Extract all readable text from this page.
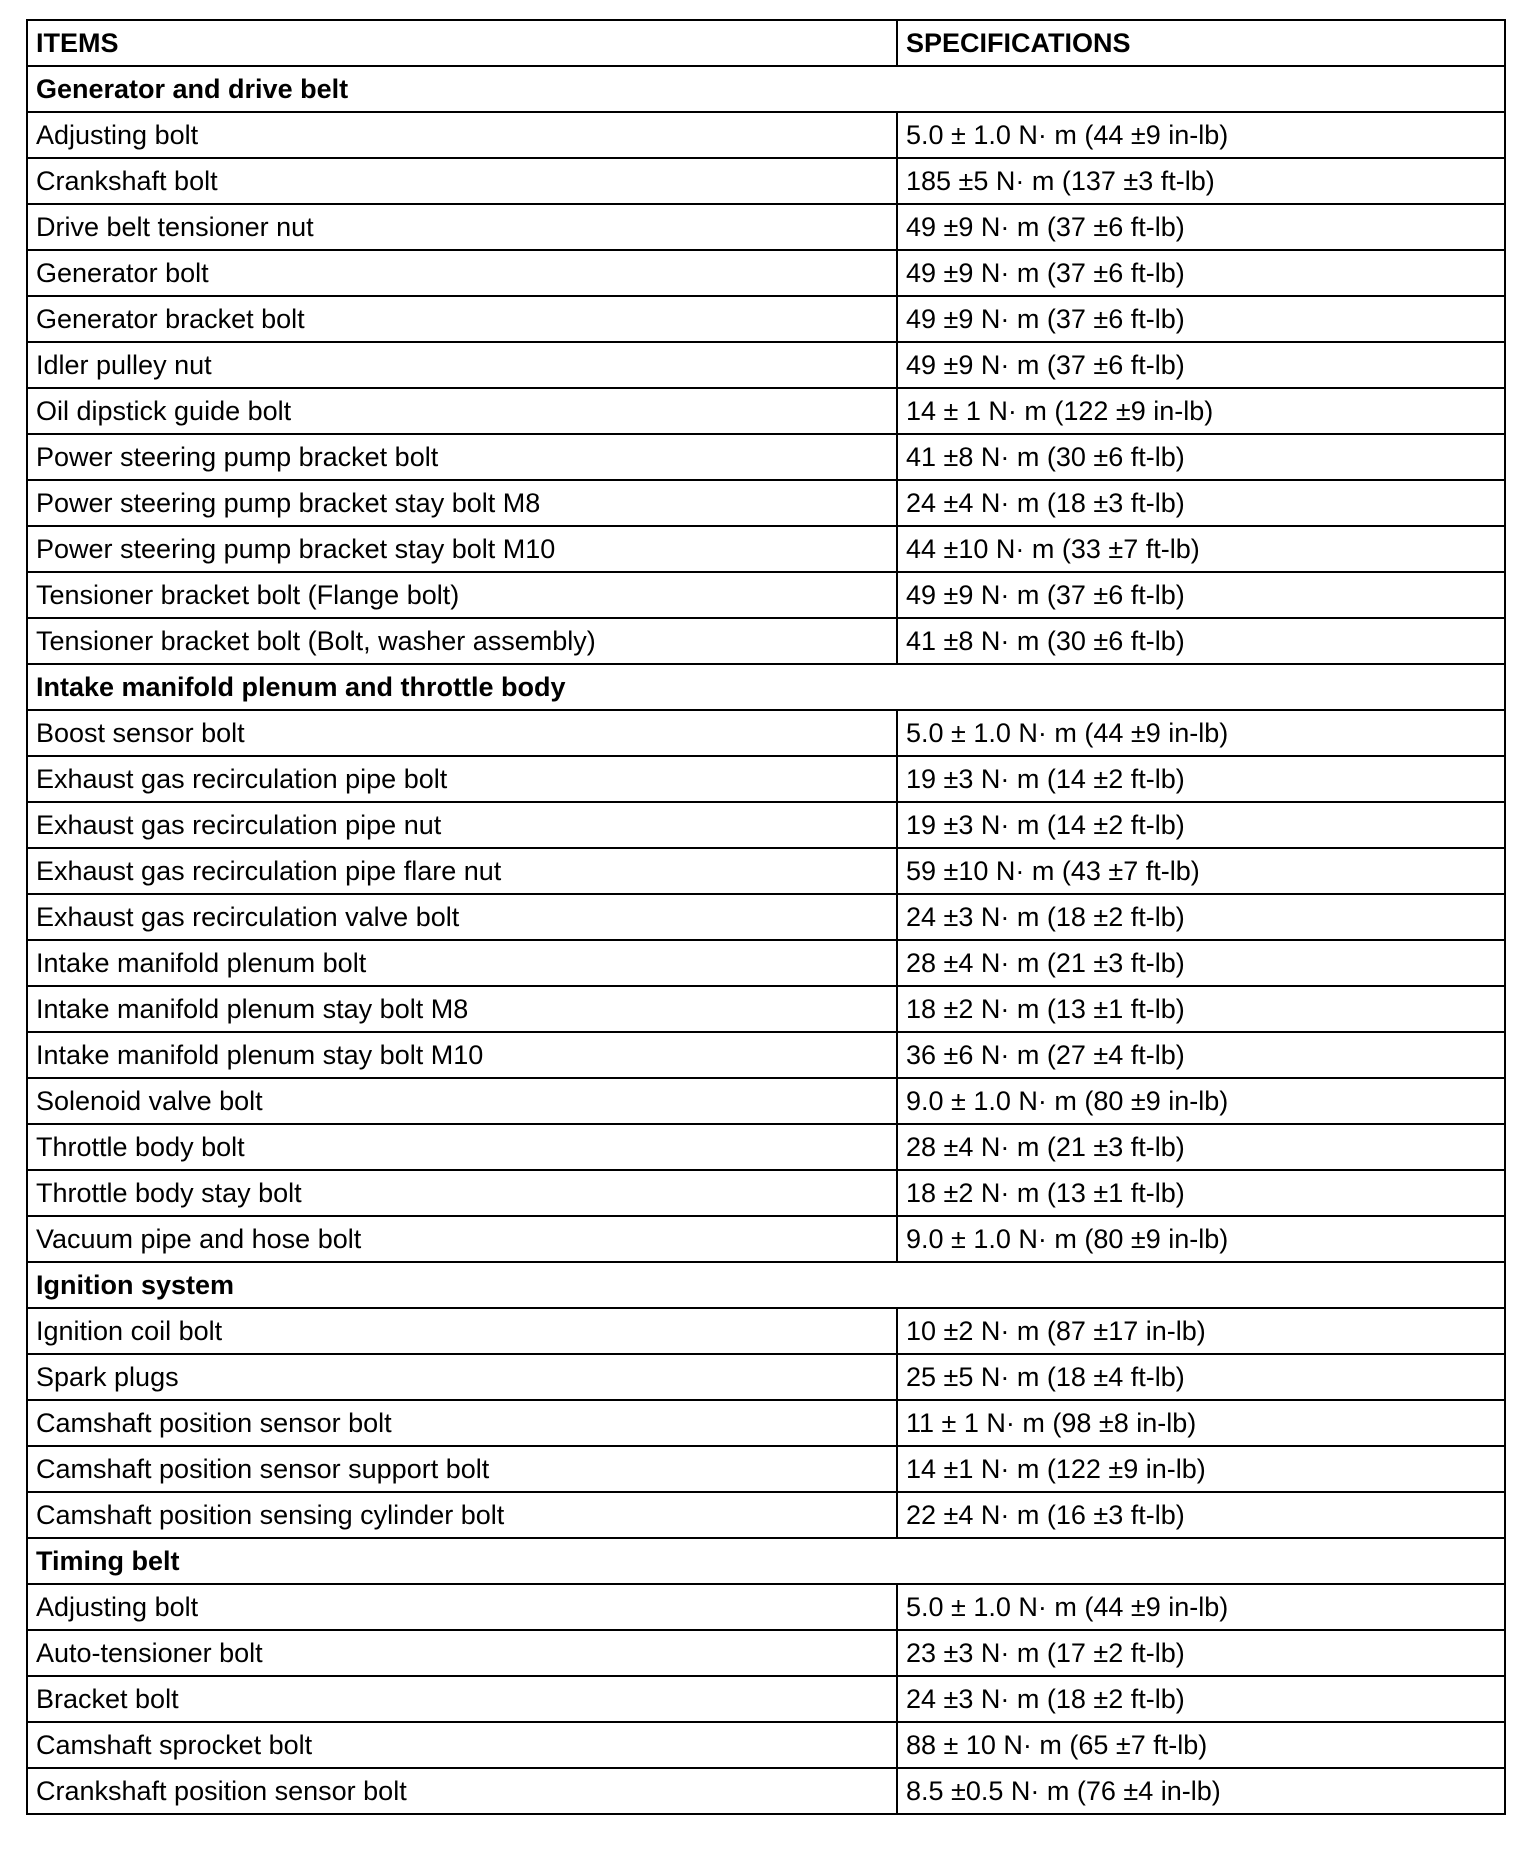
ITEMS	SPECIFICATIONS
Generator and drive belt	
Adjusting bolt	5.0 ± 1.0 N· m (44 ±9 in-lb)
Crankshaft bolt	185 ±5 N· m (137 ±3 ft-lb)
Drive belt tensioner nut	49 ±9 N· m (37 ±6 ft-lb)
Generator bolt	49 ±9 N· m (37 ±6 ft-lb)
Generator bracket bolt	49 ±9 N· m (37 ±6 ft-lb)
Idler pulley nut	49 ±9 N· m (37 ±6 ft-lb)
Oil dipstick guide bolt	14 ± 1 N· m (122 ±9 in-lb)
Power steering pump bracket bolt	41 ±8 N· m (30 ±6 ft-lb)
Power steering pump bracket stay bolt M8	24 ±4 N· m (18 ±3 ft-lb)
Power steering pump bracket stay bolt M10	44 ±10 N· m (33 ±7 ft-lb)
Tensioner bracket bolt (Flange bolt)	49 ±9 N· m (37 ±6 ft-lb)
Tensioner bracket bolt (Bolt, washer assembly)	41 ±8 N· m (30 ±6 ft-lb)
Intake manifold plenum and throttle body	
Boost sensor bolt	5.0 ± 1.0 N· m (44 ±9 in-lb)
Exhaust gas recirculation pipe bolt	19 ±3 N· m (14 ±2 ft-lb)
Exhaust gas recirculation pipe nut	19 ±3 N· m (14 ±2 ft-lb)
Exhaust gas recirculation pipe flare nut	59 ±10 N· m (43 ±7 ft-lb)
Exhaust gas recirculation valve bolt	24 ±3 N· m (18 ±2 ft-lb)
Intake manifold plenum bolt	28 ±4 N· m (21 ±3 ft-lb)
Intake manifold plenum stay bolt M8	18 ±2 N· m (13 ±1 ft-lb)
Intake manifold plenum stay bolt M10	36 ±6 N· m (27 ±4 ft-lb)
Solenoid valve bolt	9.0 ± 1.0 N· m (80 ±9 in-lb)
Throttle body bolt	28 ±4 N· m (21 ±3 ft-lb)
Throttle body stay bolt	18 ±2 N· m (13 ±1 ft-lb)
Vacuum pipe and hose bolt	9.0 ± 1.0 N· m (80 ±9 in-lb)
Ignition system	
Ignition coil bolt	10 ±2 N· m (87 ±17 in-lb)
Spark plugs	25 ±5 N· m (18 ±4 ft-lb)
Camshaft position sensor bolt	11 ± 1 N· m (98 ±8 in-lb)
Camshaft position sensor support bolt	14 ±1 N· m (122 ±9 in-lb)
Camshaft position sensing cylinder bolt	22 ±4 N· m (16 ±3 ft-lb)
Timing belt	
Adjusting bolt	5.0 ± 1.0 N· m (44 ±9 in-lb)
Auto-tensioner bolt	23 ±3 N· m (17 ±2 ft-lb)
Bracket bolt	24 ±3 N· m (18 ±2 ft-lb)
Camshaft sprocket bolt	88 ± 10 N· m (65 ±7 ft-lb)
Crankshaft position sensor bolt	8.5 ±0.5 N· m (76 ±4 in-lb)
